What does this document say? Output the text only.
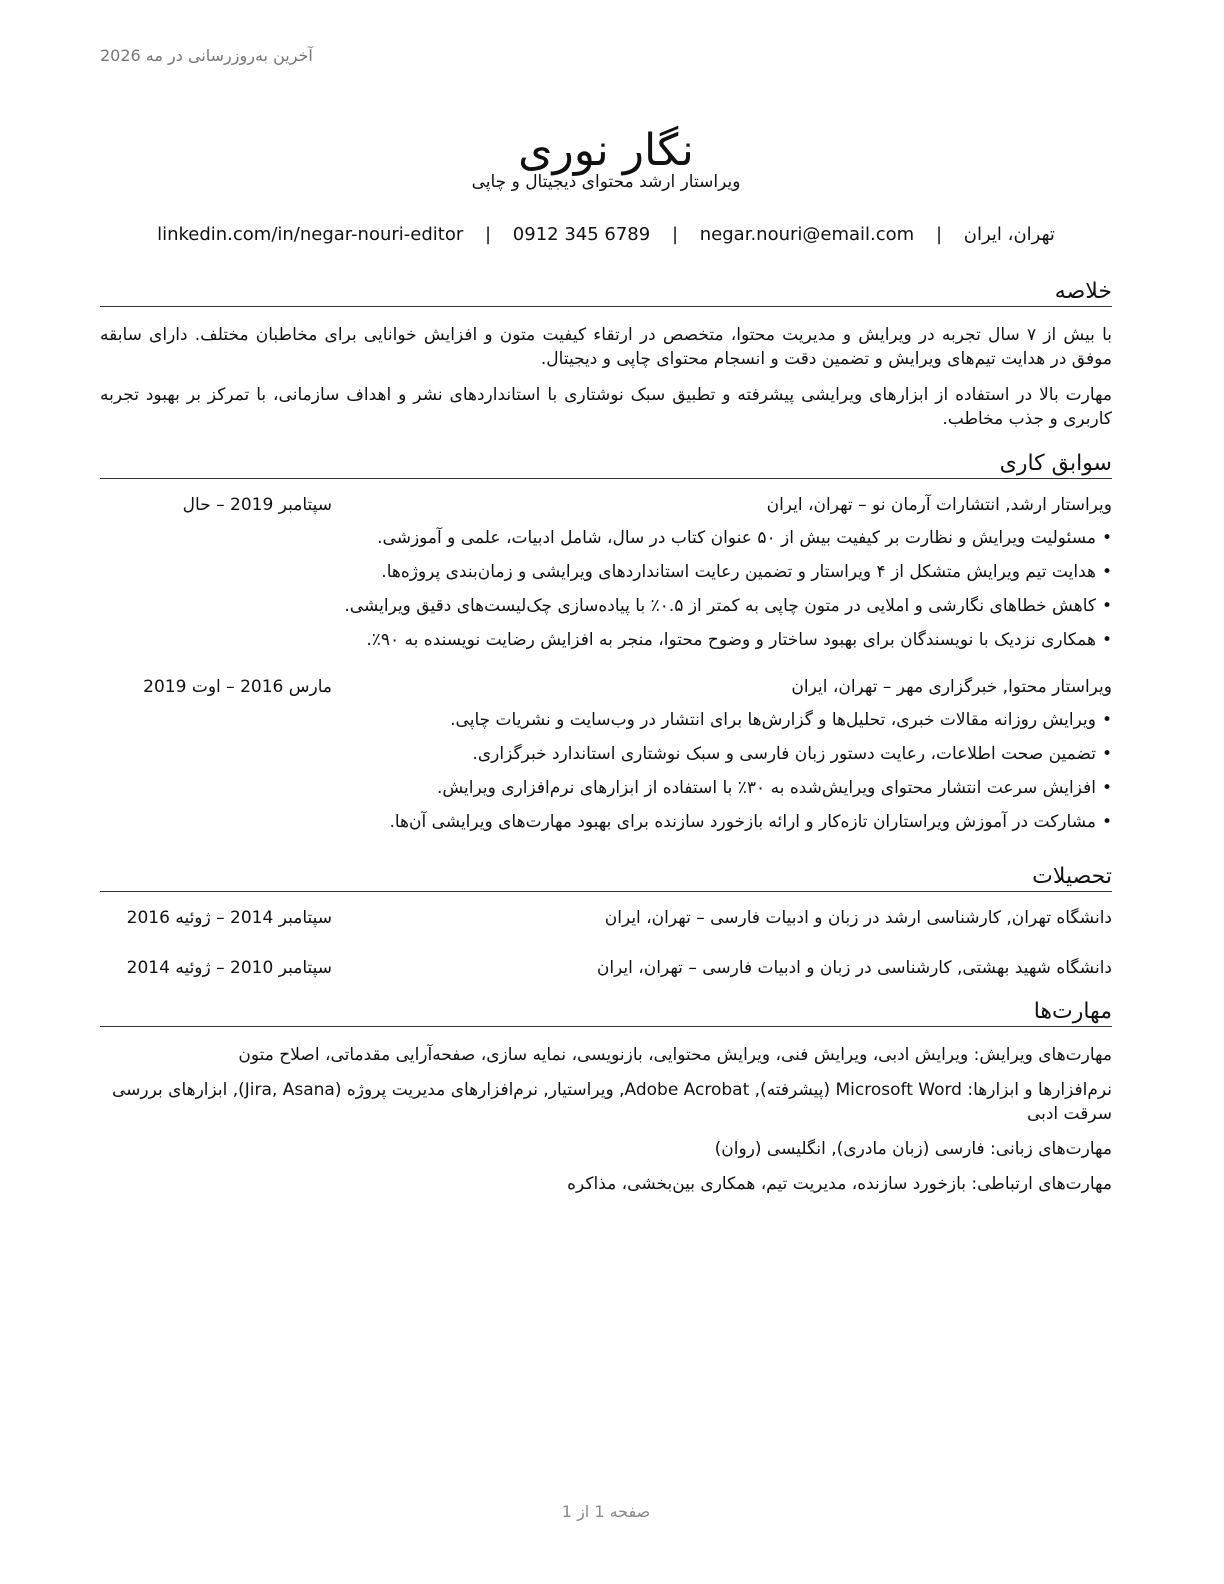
آخرین به‌روزرسانی در مه 2026
نگار نوری
ویراستار ارشد محتوای دیجیتال و چاپی
تهران، ایران | negar.nouri@email.com | 0912 345 6789 | linkedin.com/in/negar-nouri-editor
خلاصه

با بیش از ۷ سال تجربه در ویرایش و مدیریت محتوا، متخصص در ارتقاء کیفیت متون و افزایش خوانایی برای مخاطبان مختلف. دارای سابقه موفق در هدایت تیم‌های ویرایش و تضمین دقت و انسجام محتوای چاپی و دیجیتال.

مهارت بالا در استفاده از ابزارهای ویرایشی پیشرفته و تطبیق سبک نوشتاری با استانداردهای نشر و اهداف سازمانی، با تمرکز بر بهبود تجربه کاربری و جذب مخاطب.

سوابق کاری
ویراستار ارشد, انتشارات آرمان نو – تهران، ایران
سپتامبر 2019 – حال
•مسئولیت ویرایش و نظارت بر کیفیت بیش از ۵۰ عنوان کتاب در سال، شامل ادبیات، علمی و آموزشی.
•هدایت تیم ویرایش متشکل از ۴ ویراستار و تضمین رعایت استانداردهای ویرایشی و زمان‌بندی پروژه‌ها.
•کاهش خطاهای نگارشی و املایی در متون چاپی به کمتر از ۰.۵٪ با پیاده‌سازی چک‌لیست‌های دقیق ویرایشی.
•همکاری نزدیک با نویسندگان برای بهبود ساختار و وضوح محتوا، منجر به افزایش رضایت نویسنده به ۹۰٪.
ویراستار محتوا, خبرگزاری مهر – تهران، ایران
مارس 2016 – اوت 2019
•ویرایش روزانه مقالات خبری، تحلیل‌ها و گزارش‌ها برای انتشار در وب‌سایت و نشریات چاپی.
•تضمین صحت اطلاعات، رعایت دستور زبان فارسی و سبک نوشتاری استاندارد خبرگزاری.
•افزایش سرعت انتشار محتوای ویرایش‌شده به ۳۰٪ با استفاده از ابزارهای نرم‌افزاری ویرایش.
•مشارکت در آموزش ویراستاران تازه‌کار و ارائه بازخورد سازنده برای بهبود مهارت‌های ویرایشی آن‌ها.
تحصیلات
دانشگاه تهران, کارشناسی ارشد در زبان و ادبیات فارسی – تهران، ایران
سپتامبر 2014 – ژوئیه 2016
دانشگاه شهید بهشتی, کارشناسی در زبان و ادبیات فارسی – تهران، ایران
سپتامبر 2010 – ژوئیه 2014
مهارت‌ها

مهارت‌های ویرایش: ویرایش ادبی، ویرایش فنی، ویرایش محتوایی، بازنویسی، نمایه سازی، صفحه‌آرایی مقدماتی، اصلاح متون

نرم‌افزارها و ابزارها: Microsoft Word (پیشرفته), Adobe Acrobat, ویراستیار, نرم‌افزارهای مدیریت پروژه (Jira, Asana), ابزارهای بررسی سرقت ادبی

مهارت‌های زبانی: فارسی (زبان مادری), انگلیسی (روان)

مهارت‌های ارتباطی: بازخورد سازنده، مدیریت تیم، همکاری بین‌بخشی، مذاکره

صفحه 1 از 1
